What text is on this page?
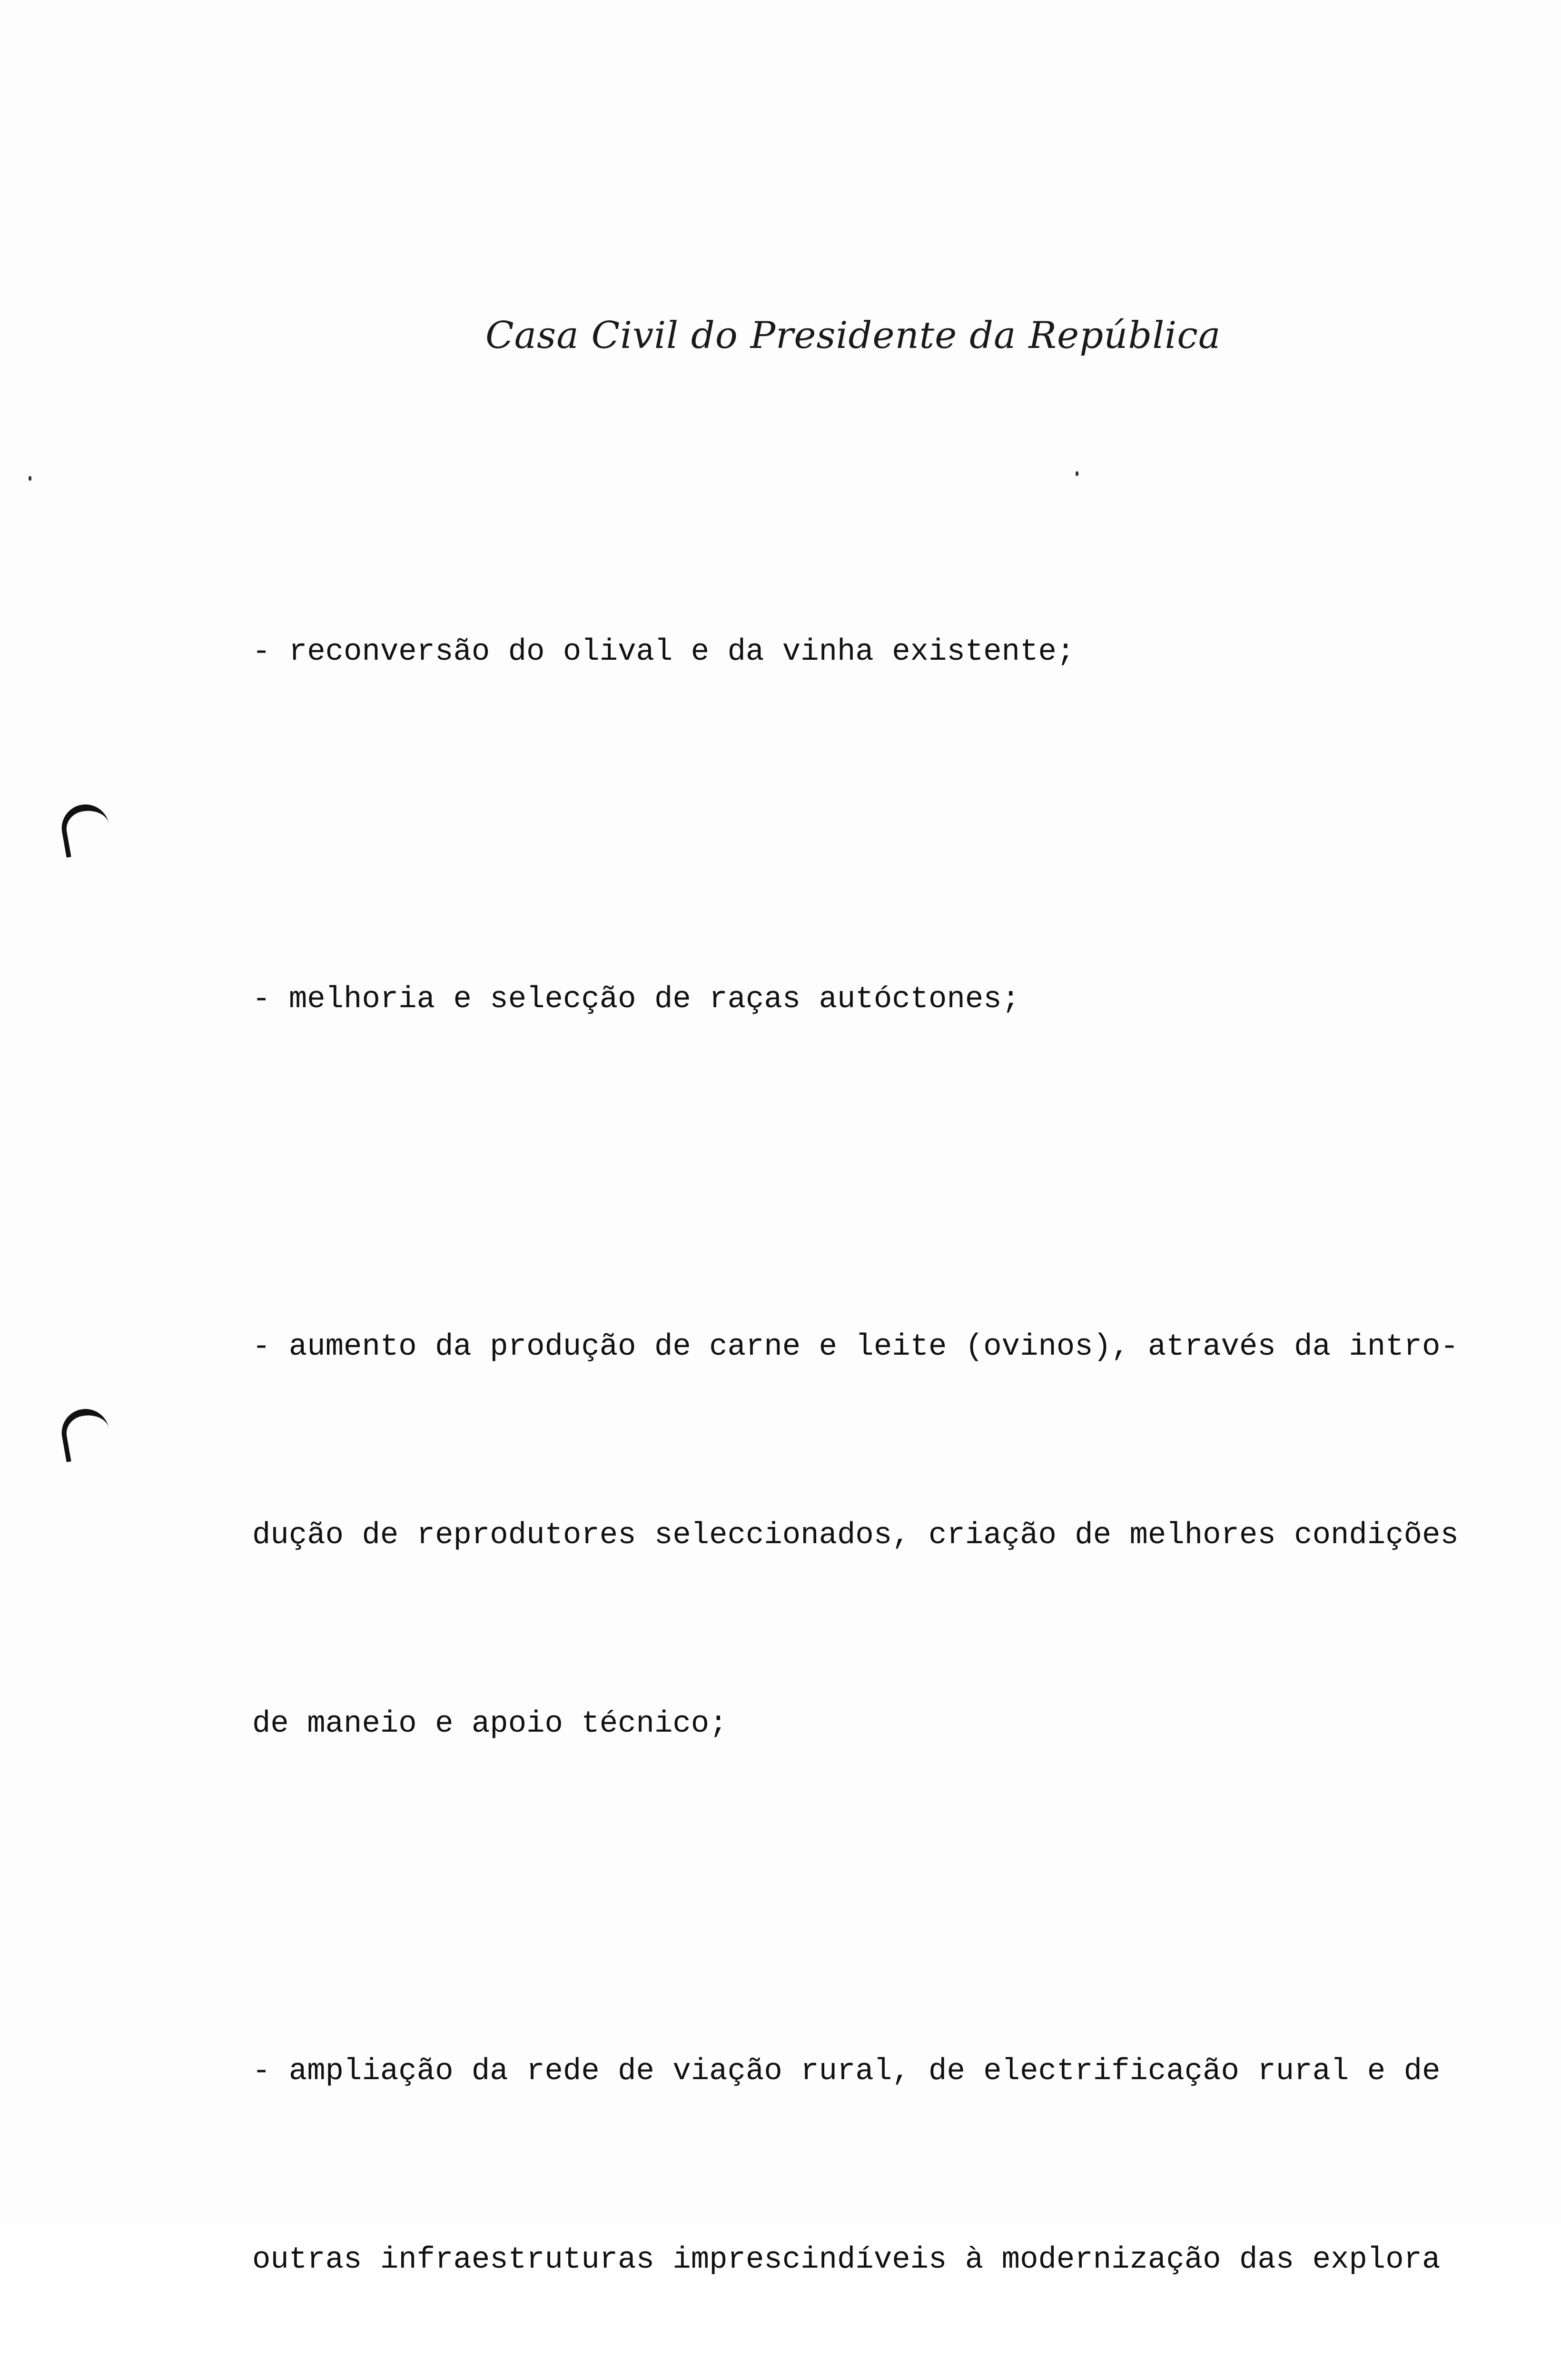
Casa Civil do Presidente da República

- reconversão do olival e da vinha existente;

- melhoria e selecção de raças autóctones;

- aumento da produção de carne e leite (ovinos), através da intro-

dução de reprodutores seleccionados, criação de melhores condições

de maneio e apoio técnico;

- ampliação da rede de viação rural, de electrificação rural e de

outras infraestruturas imprescindíveis à modernização das explora
